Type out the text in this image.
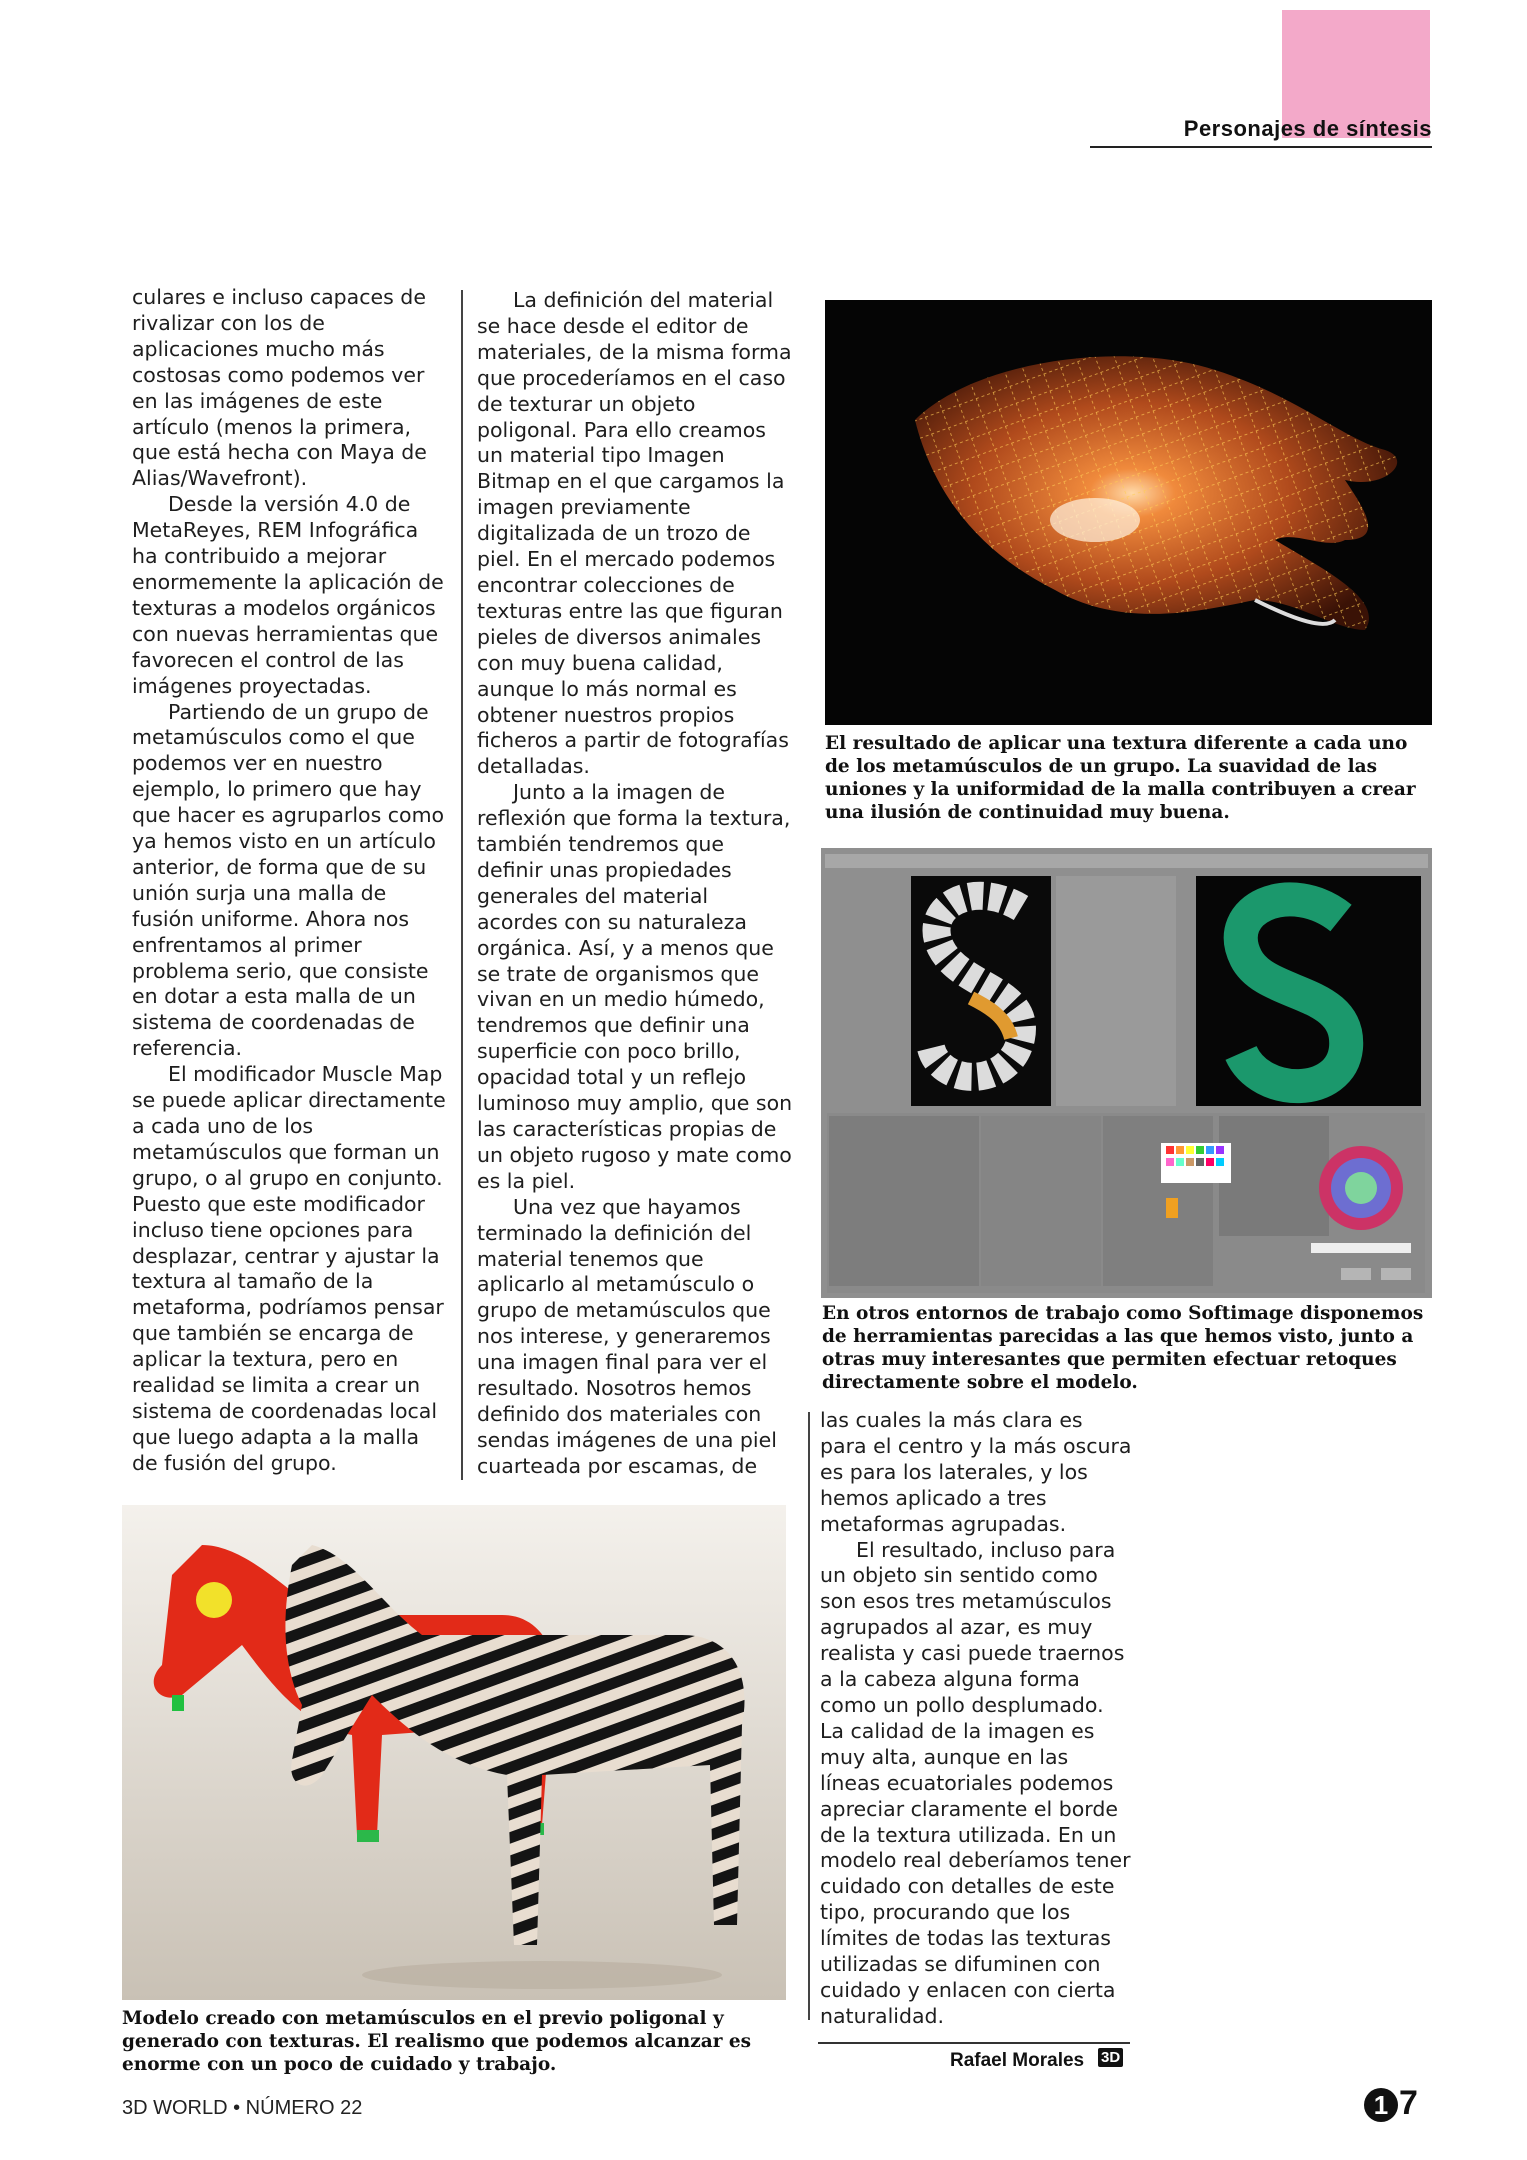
Personajes de síntesis

culares e incluso capaces de rivalizar con los de aplicaciones mucho más costosas como podemos ver en las imágenes de este artículo (menos la primera, que está hecha con Maya de Alias/Wavefront).

Desde la versión 4.0 de MetaReyes, REM Infográfica ha contribuido a mejorar enormemente la aplicación de texturas a modelos orgánicos con nuevas herramientas que favorecen el control de las imágenes proyectadas.

Partiendo de un grupo de metamúsculos como el que podemos ver en nuestro ejemplo, lo primero que hay que hacer es agruparlos como ya hemos visto en un artículo anterior, de forma que de su unión surja una malla de fusión uniforme. Ahora nos enfrentamos al primer problema serio, que consiste en dotar a esta malla de un sistema de coordenadas de referencia.

El modificador Muscle Map se puede aplicar directamente a cada uno de los metamúsculos que forman un grupo, o al grupo en conjunto. Puesto que este modificador incluso tiene opciones para desplazar, centrar y ajustar la textura al tamaño de la metaforma, podríamos pensar que también se encarga de aplicar la textura, pero en realidad se limita a crear un sistema de coordenadas local que luego adapta a la malla de fusión del grupo.

La definición del material se hace desde el editor de materiales, de la misma forma que procederíamos en el caso de texturar un objeto poligonal. Para ello creamos un material tipo Imagen Bitmap en el que cargamos la imagen previamente digitalizada de un trozo de piel. En el mercado podemos encontrar colecciones de texturas entre las que figuran pieles de diversos animales con muy buena calidad, aunque lo más normal es obtener nuestros propios ficheros a partir de fotografías detalladas.

Junto a la imagen de reflexión que forma la textura, también tendremos que definir unas propiedades generales del material acordes con su naturaleza orgánica. Así, y a menos que se trate de organismos que vivan en un medio húmedo, tendremos que definir una superficie con poco brillo, opacidad total y un reflejo luminoso muy amplio, que son las características propias de un objeto rugoso y mate como es la piel.

Una vez que hayamos terminado la definición del material tenemos que aplicarlo al metamúsculo o grupo de metamúsculos que nos interese, y generaremos una imagen final para ver el resultado. Nosotros hemos definido dos materiales con sendas imágenes de una piel cuarteada por escamas, de

El resultado de aplicar una textura diferente a cada uno de los metamúsculos de un grupo. La suavidad de las uniones y la uniformidad de la malla contribuyen a crear una ilusión de continuidad muy buena.
En otros entornos de trabajo como Softimage disponemos de herramientas parecidas a las que hemos visto, junto a otras muy interesantes que permiten efectuar retoques directamente sobre el modelo.

las cuales la más clara es para el centro y la más oscura es para los laterales, y los hemos aplicado a tres metaformas agrupadas.

El resultado, incluso para un objeto sin sentido como son esos tres metamúsculos agrupados al azar, es muy realista y casi puede traernos a la cabeza alguna forma como un pollo desplumado. La calidad de la imagen es muy alta, aunque en las líneas ecuatoriales podemos apreciar claramente el borde de la textura utilizada. En un modelo real deberíamos tener cuidado con detalles de este tipo, procurando que los límites de todas las texturas utilizadas se difuminen con cuidado y enlacen con cierta naturalidad.

Modelo creado con metamúsculos en el previo poligonal y generado con texturas. El realismo que podemos alcanzar es enorme con un poco de cuidado y trabajo.	Rafael Morales 3D
3D WORLD • NÚMERO 22	1 7
